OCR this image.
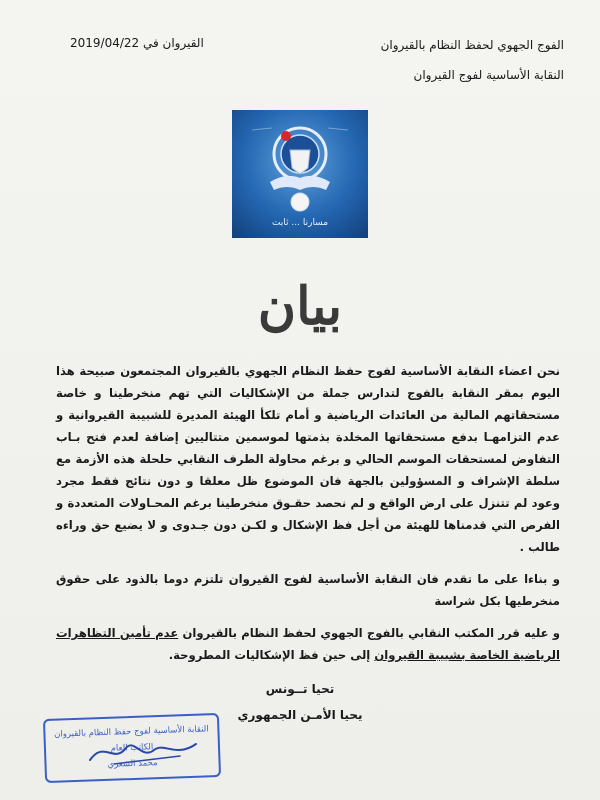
الفوج الجهوي لحفظ النظام بالقيروان
النقابة الأساسية لفوج القيروان
القيروان في 2019/04/22
مسارنا ... ثابت
بيان

نحن اعضاء النقابة الأساسية لفوج حفظ النظام الجهوي بالقيروان المجتمعون صبيحة هذا اليوم بمقر النقابة بالفوج لتدارس جملة من الإشكاليات التي تهم منخرطينا و خاصة مستحقاتهم المالية من العائدات الرياضية و أمام تلكأ الهيئة المديرة للشبيبة القيروانية و عدم التزامهـا بدفع مستحقاتها المخلدة بذمتها لموسمين متتاليين إضافة لعدم فتح بـاب التفاوض لمستحقات الموسم الحالي و برغم محاولة الطرف النقابي حلحلة هذه الأزمة مع سلطة الإشراف و المسؤولين بالجهة فان الموضوع ظل معلقا و دون نتائج فقط مجرد وعود لم تتنزل على ارض الواقع و لم نحصد حقـوق منخرطينا برغم المحـاولات المتعددة و الفرص التي قدمناها للهيئة من أجل فظ الإشكال و لكـن دون جـدوى و لا يضيع حق وراءه طالب .

و بناءا على ما تقدم فان النقابة الأساسية لفوج القيروان تلتزم دوما بالذود على حقوق منخرطيها بكل شراسة

و عليه قرر المكتب النقابي بالفوج الجهوي لحفظ النظام بالقيروان عدم تأمين التظاهرات الرياضية الخاصة بشبيبة القيروان إلى حين فظ الإشكاليات المطروحة.

تحيا تــونس
يحيا الأمـن الجمهوري
النقابة الأساسية لفوج حفظ النظام بالقيروان
الكاتب العام
محمد الشعري
